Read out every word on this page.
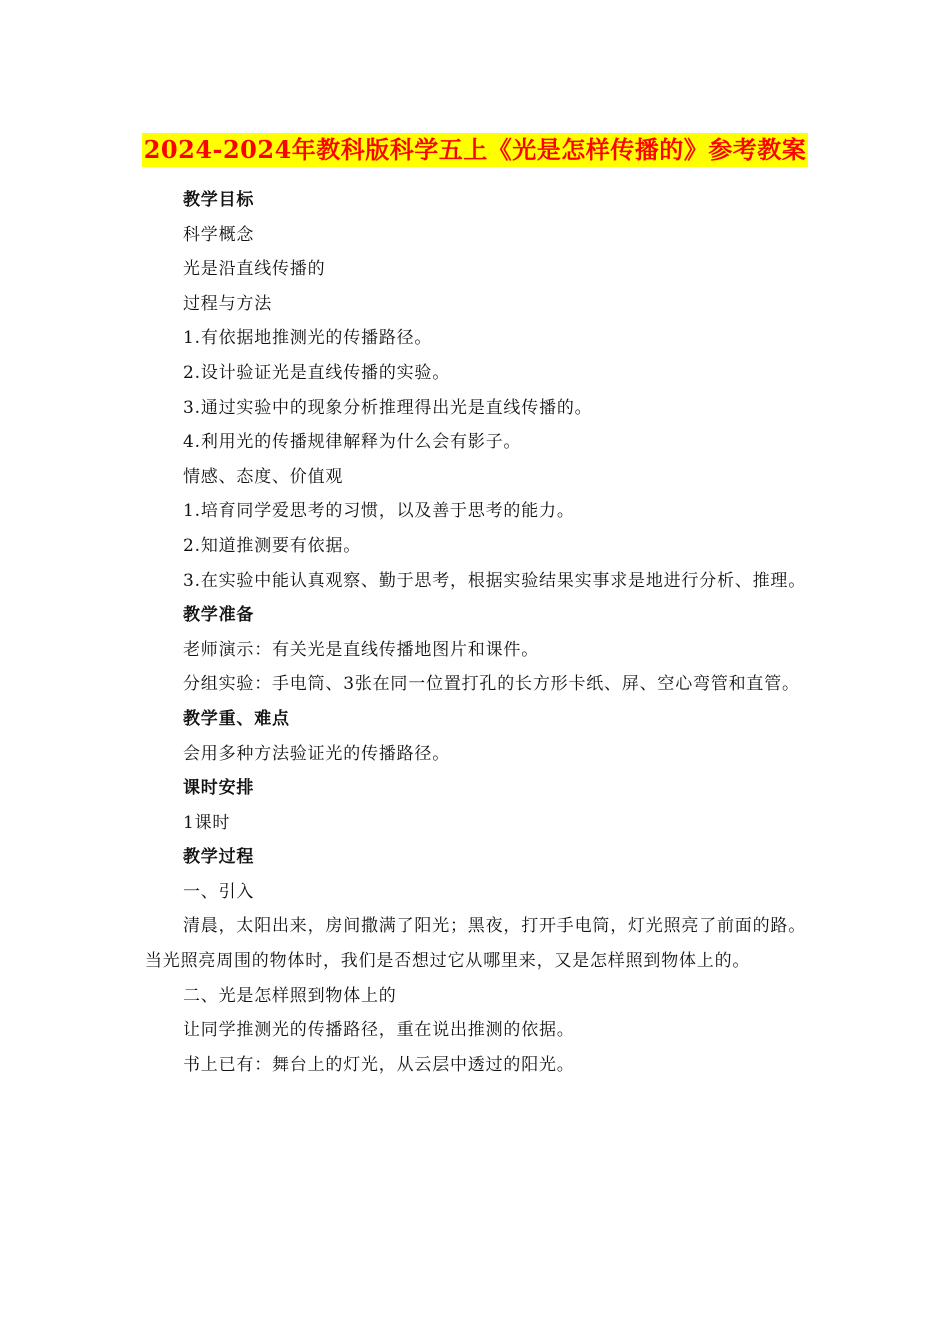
2024-2024年教科版科学五上《光是怎样传播的》参考教案

教学目标

科学概念

光是沿直线传播的

过程与方法

1.有依据地推测光的传播路径。

2.设计验证光是直线传播的实验。

3.通过实验中的现象分析推理得出光是直线传播的。

4.利用光的传播规律解释为什么会有影子。

情感、态度、价值观

1.培育同学爱思考的习惯，以及善于思考的能力。

2.知道推测要有依据。

3.在实验中能认真观察、勤于思考，根据实验结果实事求是地进行分析、推理。

教学准备

老师演示：有关光是直线传播地图片和课件。

分组实验：手电筒、3张在同一位置打孔的长方形卡纸、屏、空心弯管和直管。

教学重、难点

会用多种方法验证光的传播路径。

课时安排

1课时

教学过程

一、引入

清晨，太阳出来，房间撒满了阳光；黑夜，打开手电筒，灯光照亮了前面的路。当光照亮周围的物体时，我们是否想过它从哪里来，又是怎样照到物体上的。

二、光是怎样照到物体上的

让同学推测光的传播路径，重在说出推测的依据。

书上已有：舞台上的灯光，从云层中透过的阳光。
